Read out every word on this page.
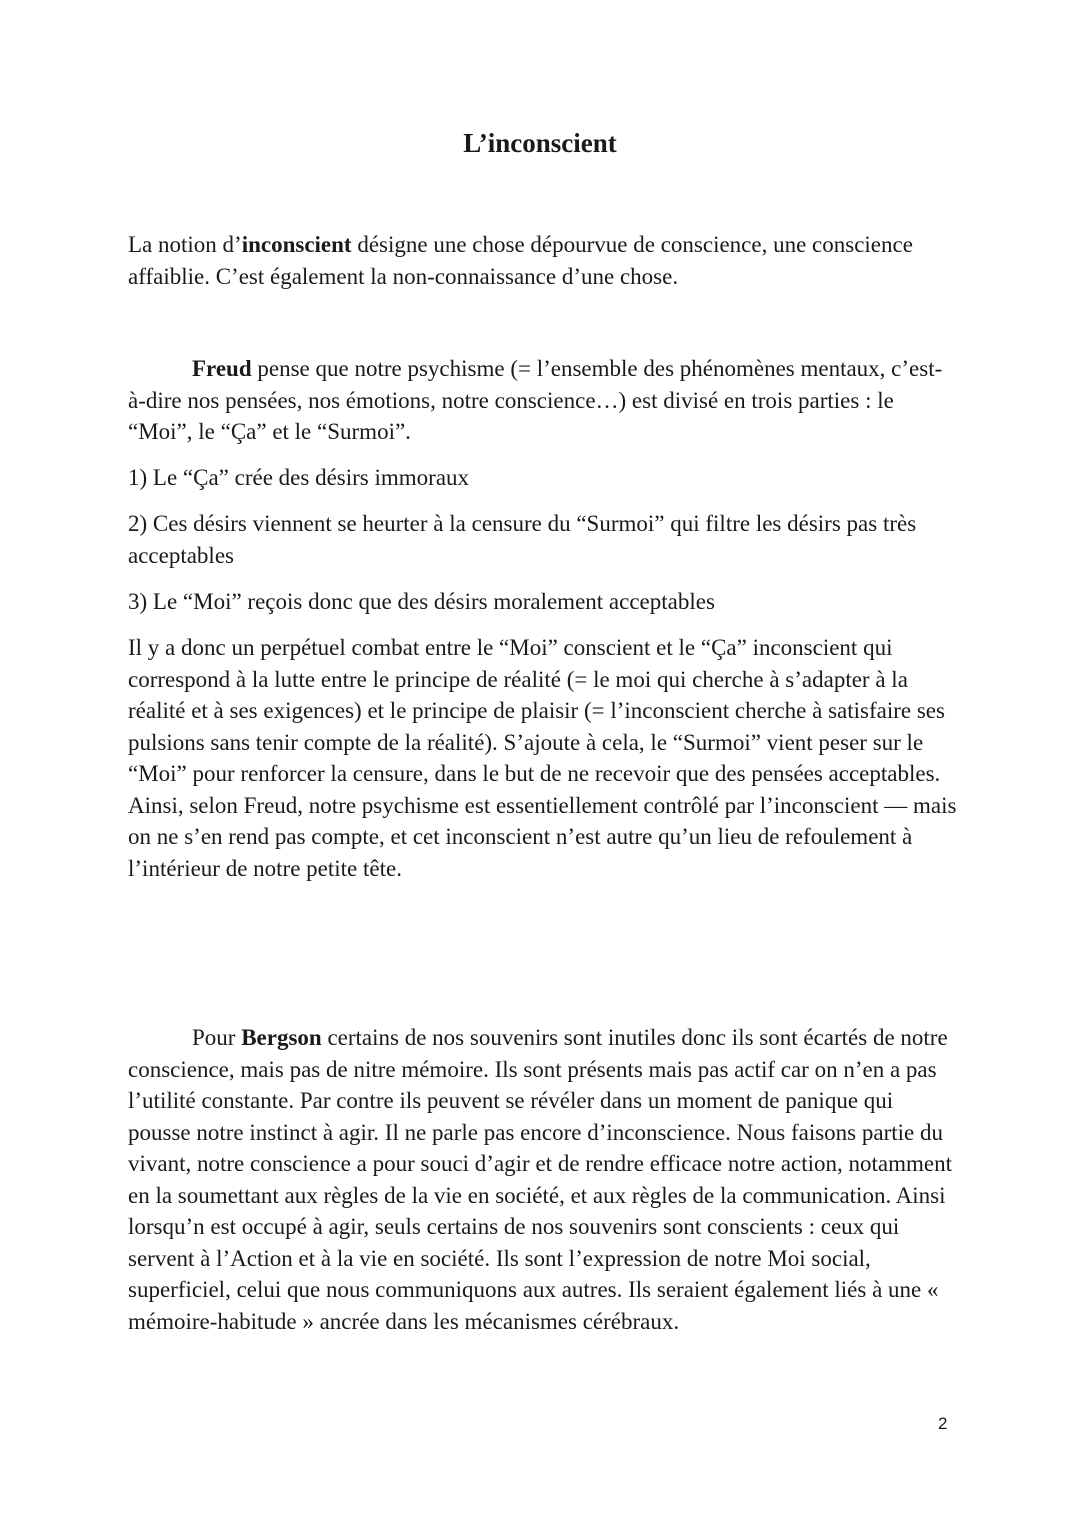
L’inconscient

La notion d’inconscient désigne une chose dépourvue de conscience, une conscience affaiblie. C’est également la non-connaissance d’une chose.

Freud pense que notre psychisme (= l’ensemble des phénomènes mentaux, c’est-à-dire nos pensées, nos émotions, notre conscience…) est divisé en trois parties : le “Moi”, le “Ça” et le “Surmoi”.

1) Le “Ça” crée des désirs immoraux

2) Ces désirs viennent se heurter à la censure du “Surmoi” qui filtre les désirs pas très acceptables

3) Le “Moi” reçois donc que des désirs moralement acceptables

Il y a donc un perpétuel combat entre le “Moi” conscient et le “Ça” inconscient qui correspond à la lutte entre le principe de réalité (= le moi qui cherche à s’adapter à la réalité et à ses exigences) et le principe de plaisir (= l’inconscient cherche à satisfaire ses pulsions sans tenir compte de la réalité). S’ajoute à cela, le “Surmoi” vient peser sur le “Moi” pour renforcer la censure, dans le but de ne recevoir que des pensées acceptables. Ainsi, selon Freud, notre psychisme est essentiellement contrôlé par l’inconscient — mais on ne s’en rend pas compte, et cet inconscient n’est autre qu’un lieu de refoulement à l’intérieur de notre petite tête.

Pour Bergson certains de nos souvenirs sont inutiles donc ils sont écartés de notre conscience, mais pas de nitre mémoire. Ils sont présents mais pas actif car on n’en a pas l’utilité constante. Par contre ils peuvent se révéler dans un moment de panique qui pousse notre instinct à agir. Il ne parle pas encore d’inconscience. Nous faisons partie du vivant, notre conscience a pour souci d’agir et de rendre efficace notre action, notamment en la soumettant aux règles de la vie en société, et aux règles de la communication. Ainsi lorsqu’n est occupé à agir, seuls certains de nos souvenirs sont conscients : ceux qui servent à l’Action et à la vie en société. Ils sont l’expression de notre Moi social, superficiel, celui que nous communiquons aux autres. Ils seraient également liés à une « mémoire-habitude » ancrée dans les mécanismes cérébraux.

2
